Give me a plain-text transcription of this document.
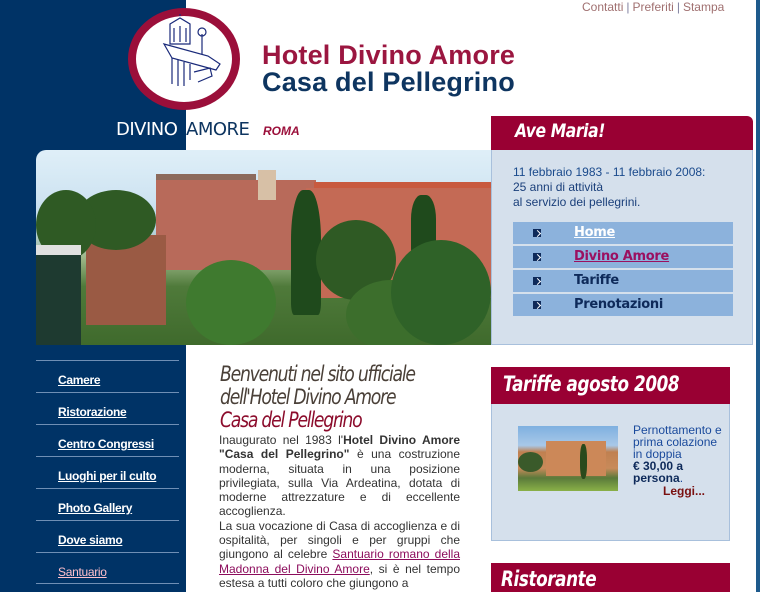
Contatti | Preferiti | Stampa
Hotel Divino Amore
Casa del Pellegrino
DIVINO AMORE ROMA	Ave Maria!
11 febbraio 1983 - 11 febbraio 2008:
25 anni di attività
al servizio dei pellegrini.
Home
Divino Amore
Tariffe
Prenotazioni
Camere
Ristorazione
Centro Congressi
Luoghi per il culto
Photo Gallery
Dove siamo
Santuario
Benvenuti nel sito ufficiale
dell'Hotel Divino Amore
Casa del Pellegrino
Inaugurato nel 1983 l'Hotel Divino Amore "Casa del Pellegrino" è una costruzione moderna, situata in una posizione privilegiata, sulla Via Ardeatina, dotata di moderne attrezzature e di eccellente accoglienza.
La sua vocazione di Casa di accoglienza e di ospitalità, per singoli e per gruppi che giungono al celebre Santuario romano della Madonna del Divino Amore, si è nel tempo estesa a tutti coloro che giungono a
Tariffe agosto 2008
Pernottamento e prima colazione in doppia
€ 30,00 a
persona.
Leggi...
Ristorante
